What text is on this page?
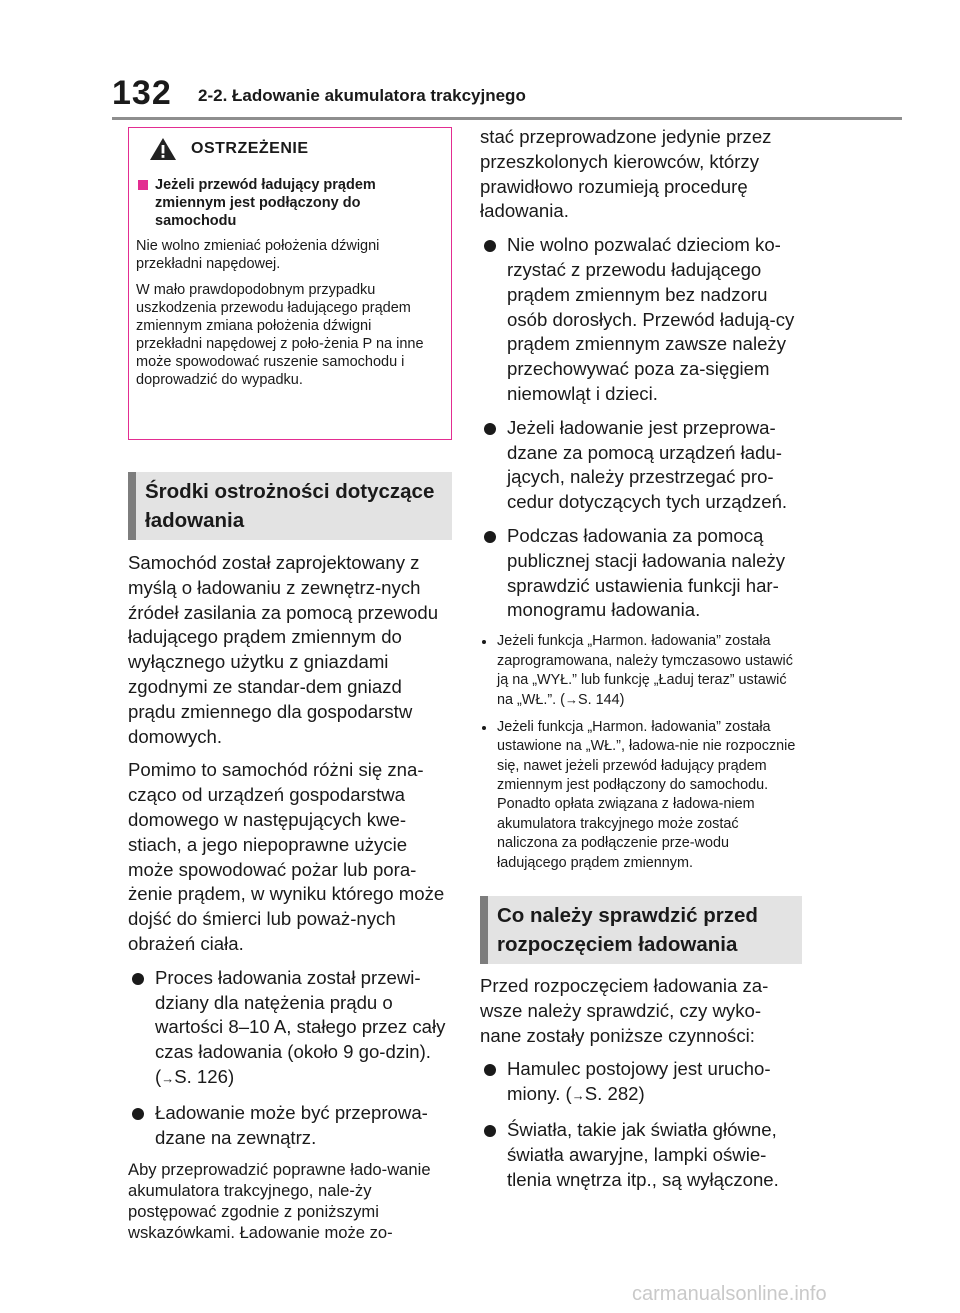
132 2-2. Ładowanie akumulatora trakcyjnego
OSTRZEŻENIE
Jeżeli przewód ładujący prądem zmiennym jest podłączony do samochodu

Nie wolno zmieniać położenia dźwigni przekładni napędowej.

W mało prawdopodobnym przypadku uszkodzenia przewodu ładującego prądem zmiennym zmiana położenia dźwigni przekładni napędowej z poło-żenia P na inne może spowodować ruszenie samochodu i doprowadzić do wypadku.

Środki ostrożności dotyczące ładowania

Samochód został zaprojektowany z myślą o ładowaniu z zewnętrz-nych źródeł zasilania za pomocą przewodu ładującego prądem zmiennym do wyłącznego użytku z gniazdami zgodnymi ze standar-dem gniazd prądu zmiennego dla gospodarstw domowych.

Pomimo to samochód różni się zna-cząco od urządzeń gospodarstwa domowego w następujących kwe-stiach, a jego niepoprawne użycie może spowodować pożar lub pora-żenie prądem, w wyniku którego może dojść do śmierci lub poważ-nych obrażeń ciała.

Proces ładowania został przewi-dziany dla natężenia prądu o wartości 8–10 A, stałego przez cały czas ładowania (około 9 go-dzin). (→S. 126)
Ładowanie może być przeprowa-dzane na zewnątrz.

Aby przeprowadzić poprawne łado-wanie akumulatora trakcyjnego, nale-ży postępować zgodnie z poniższymi wskazówkami. Ładowanie może zo-

stać przeprowadzone jedynie przez przeszkolonych kierowców, którzy prawidłowo rozumieją procedurę ładowania.

Nie wolno pozwalać dzieciom ko-rzystać z przewodu ładującego prądem zmiennym bez nadzoru osób dorosłych. Przewód ładują-cy prądem zmiennym zawsze należy przechowywać poza za-sięgiem niemowląt i dzieci.
Jeżeli ładowanie jest przeprowa-dzane za pomocą urządzeń ładu-jących, należy przestrzegać pro-cedur dotyczących tych urządzeń.
Podczas ładowania za pomocą publicznej stacji ładowania należy sprawdzić ustawienia funkcji har-monogramu ładowania.
Jeżeli funkcja „Harmon. ładowania” została zaprogramowana, należy tymczasowo ustawić ją na „WYŁ.” lub funkcję „Ładuj teraz” ustawić na „WŁ.”. (→S. 144)
Jeżeli funkcja „Harmon. ładowania” została ustawione na „WŁ.”, ładowa-nie nie rozpocznie się, nawet jeżeli przewód ładujący prądem zmiennym jest podłączony do samochodu. Ponadto opłata związana z ładowa-niem akumulatora trakcyjnego może zostać naliczona za podłączenie prze-wodu ładującego prądem zmiennym.
Co należy sprawdzić przed rozpoczęciem ładowania

Przed rozpoczęciem ładowania za-wsze należy sprawdzić, czy wyko-nane zostały poniższe czynności:

Hamulec postojowy jest urucho-miony. (→S. 282)
Światła, takie jak światła główne, światła awaryjne, lampki oświe-tlenia wnętrza itp., są wyłączone.
carmanualsonline.info
